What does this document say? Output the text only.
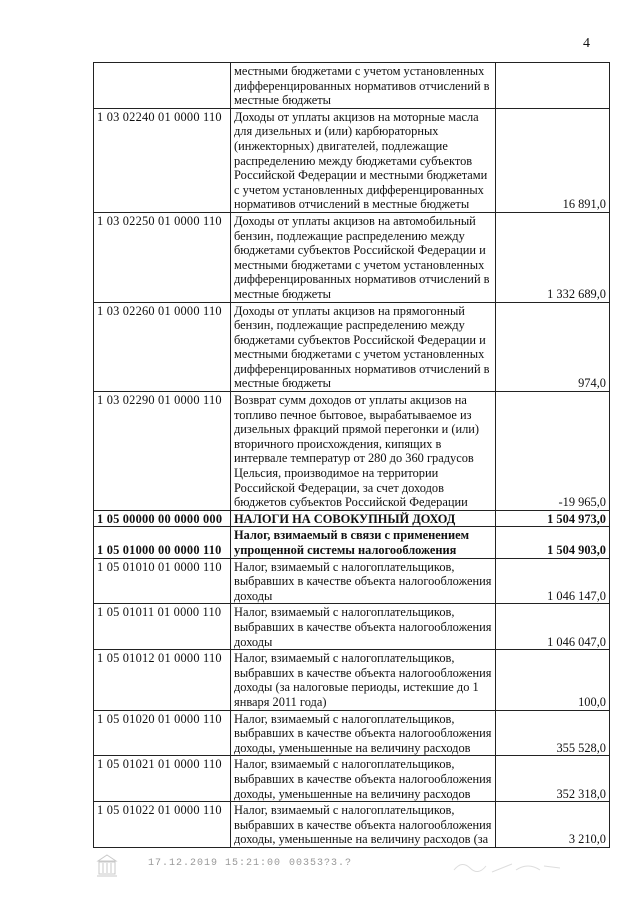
4
	местными бюджетами с учетом установленных дифференцированных нормативов отчислений в местные бюджеты	
1 03 02240 01 0000 110	Доходы от уплаты акцизов на моторные масла для дизельных и (или) карбюраторных (инжекторных) двигателей, подлежащие распределению между бюджетами субъектов Российской Федерации и местными бюджетами с учетом установленных дифференцированных нормативов отчислений в местные бюджеты	16 891,0
1 03 02250 01 0000 110	Доходы от уплаты акцизов на автомобильный бензин, подлежащие распределению между бюджетами субъектов Российской Федерации и местными бюджетами с учетом установленных дифференцированных нормативов отчислений в местные бюджеты	1 332 689,0
1 03 02260 01 0000 110	Доходы от уплаты акцизов на прямогонный бензин, подлежащие распределению между бюджетами субъектов Российской Федерации и местными бюджетами с учетом установленных дифференцированных нормативов отчислений в местные бюджеты	974,0
1 03 02290 01 0000 110	Возврат сумм доходов от уплаты акцизов на топливо печное бытовое, вырабатываемое из дизельных фракций прямой перегонки и (или) вторичного происхождения, кипящих в интервале температур от 280 до 360 градусов Цельсия, производимое на территории Российской Федерации, за счет доходов бюджетов субъектов Российской Федерации	-19 965,0
1 05 00000 00 0000 000	НАЛОГИ НА СОВОКУПНЫЙ ДОХОД	1 504 973,0
1 05 01000 00 0000 110	Налог, взимаемый в связи с применением упрощенной системы налогообложения	1 504 903,0
1 05 01010 01 0000 110	Налог, взимаемый с налогоплательщиков, выбравших в качестве объекта налогообложения доходы	1 046 147,0
1 05 01011 01 0000 110	Налог, взимаемый с налогоплательщиков, выбравших в качестве объекта налогообложения доходы	1 046 047,0
1 05 01012 01 0000 110	Налог, взимаемый с налогоплательщиков, выбравших в качестве объекта налогообложения доходы (за налоговые периоды, истекшие до 1 января 2011 года)	100,0
1 05 01020 01 0000 110	Налог, взимаемый с налогоплательщиков, выбравших в качестве объекта налогообложения доходы, уменьшенные на величину расходов	355 528,0
1 05 01021 01 0000 110	Налог, взимаемый с налогоплательщиков, выбравших в качестве объекта налогообложения доходы, уменьшенные на величину расходов	352 318,0
1 05 01022 01 0000 110	Налог, взимаемый с налогоплательщиков, выбравших в качестве объекта налогообложения доходы, уменьшенные на величину расходов (за	3 210,0
17.12.2019 15:21:00 00353?3.?
